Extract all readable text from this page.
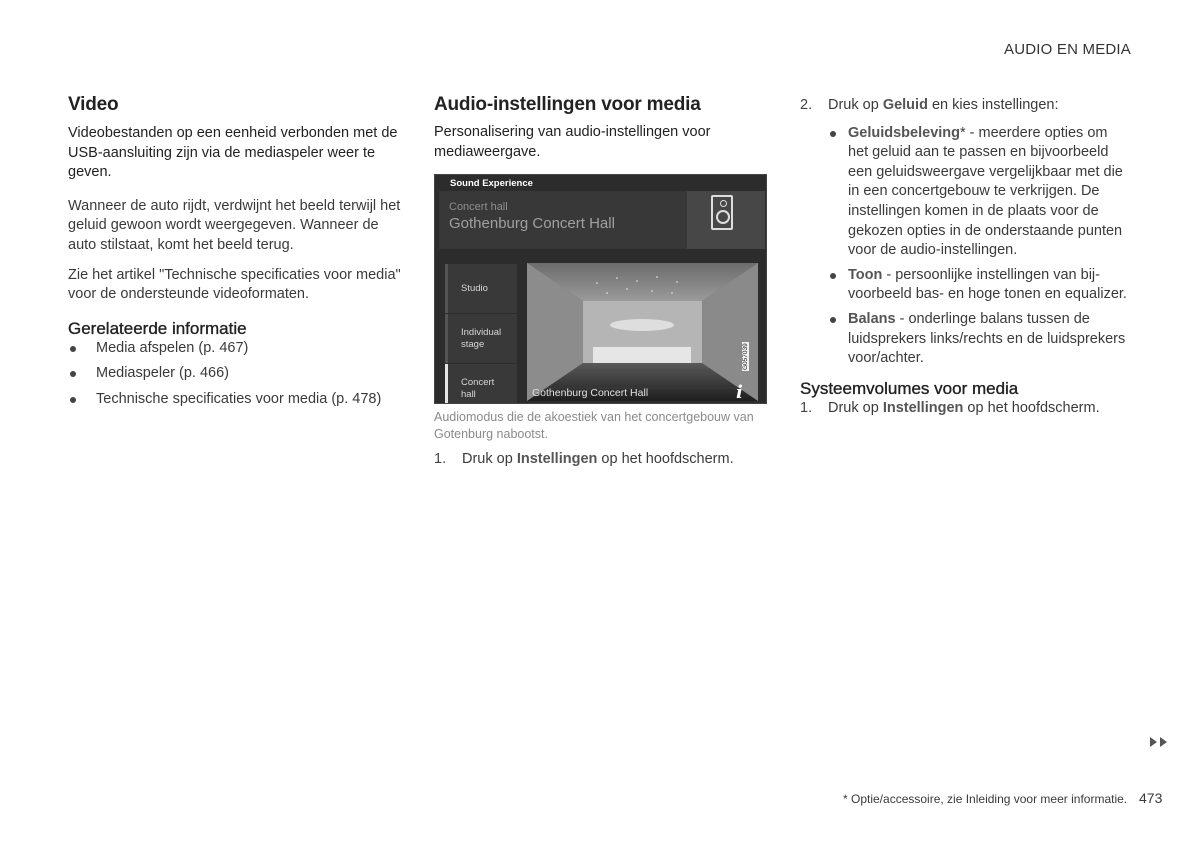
AUDIO EN MEDIA
Video

Videobestanden op een eenheid verbonden met de USB-aansluiting zijn via de mediaspeler weer te geven.

Wanneer de auto rijdt, verdwijnt het beeld terwijl het geluid gewoon wordt weergegeven. Wanneer de auto stilstaat, komt het beeld terug.

Zie het artikel "Technische specificaties voor media" voor de ondersteunde videoformaten.

Gerelateerde informatie
Media afspelen (p. 467)
Mediaspeler (p. 466)
Technische specificaties voor media (p. 478)
Audio-instellingen voor media

Personalisering van audio-instellingen voor mediaweergave.

Sound Experience
Concert hall
Gothenburg Concert Hall
Studio
Individual stage
Concert hall	Gothenburg Concert Hall
G057039
i
Audiomodus die de akoestiek van het concertgebouw van Gotenburg nabootst.
1. Druk op Instellingen op het hoofdscherm.
2. Druk op Geluid en kies instellingen:
Geluidsbeleving* - meerdere opties om het geluid aan te passen en bijvoorbeeld een geluidsweergave vergelijkbaar met die in een concertgebouw te verkrijgen. De instellingen komen in de plaats voor de gekozen opties in de onderstaande punten voor de audio-instellingen.
Toon - persoonlijke instellingen van bijvoorbeeld bas- en hoge tonen en equalizer.
Balans - onderlinge balans tussen de luidsprekers links/rechts en de luidsprekers voor/achter.
Systeemvolumes voor media
1. Druk op Instellingen op het hoofdscherm.
* Optie/accessoire, zie Inleiding voor meer informatie. 473
